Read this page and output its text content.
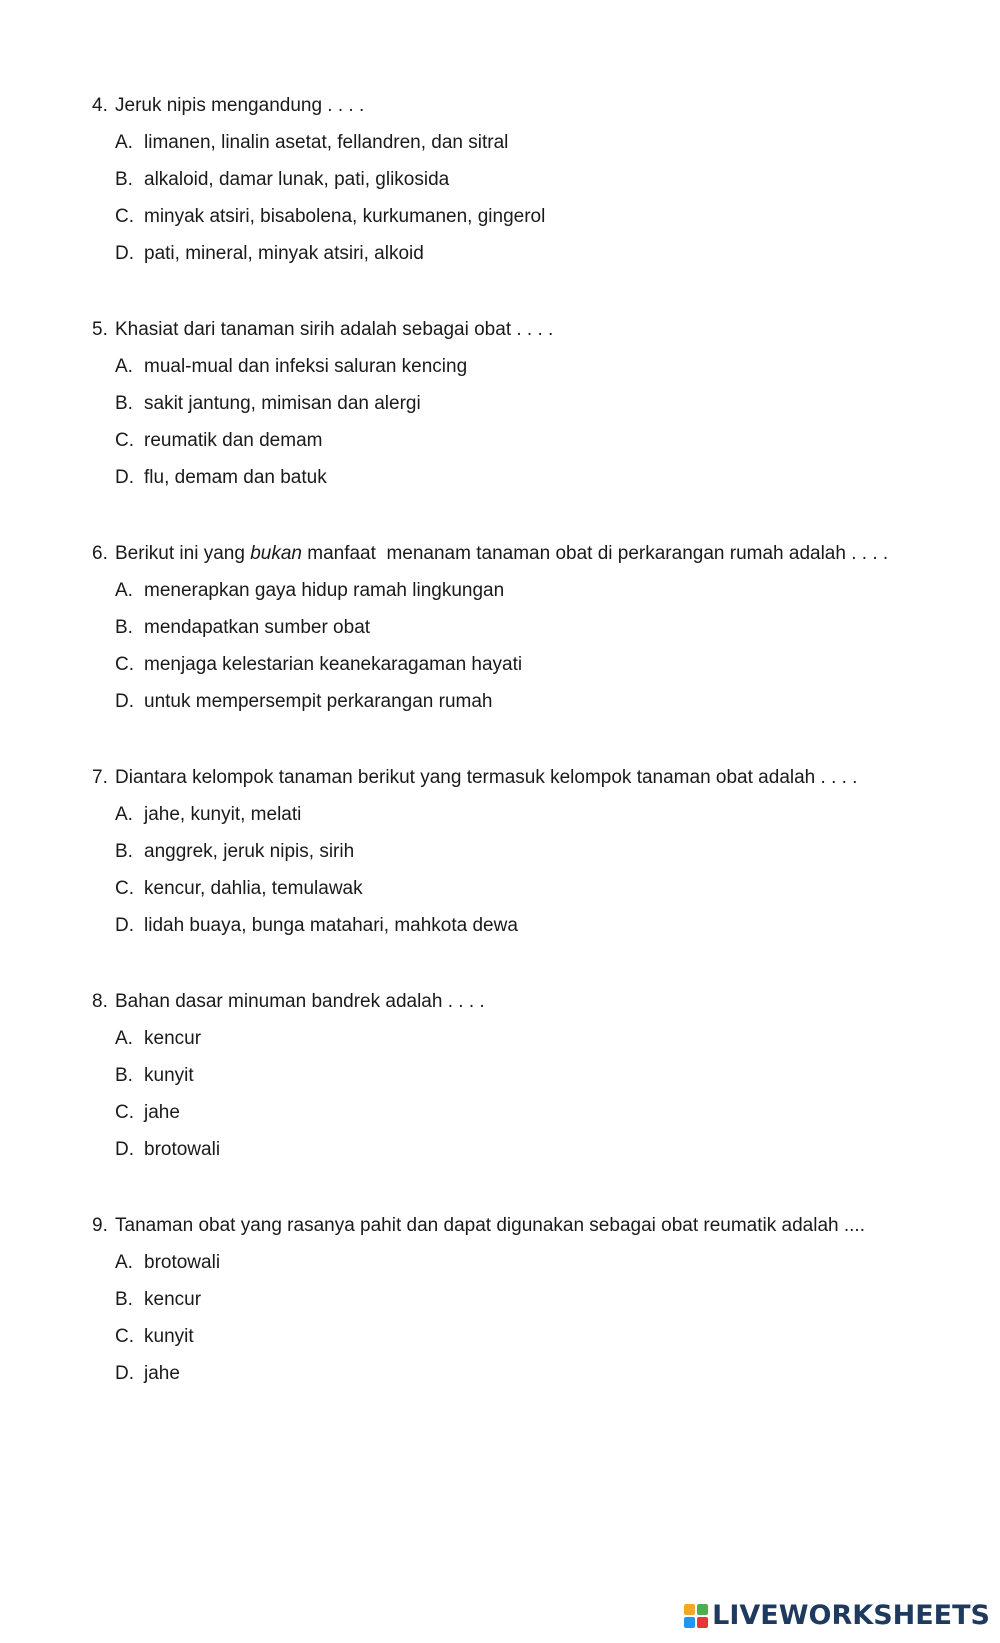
4. Jeruk nipis mengandung . . . .
A. limanen, linalin asetat, fellandren, dan sitral
B. alkaloid, damar lunak, pati, glikosida
C. minyak atsiri, bisabolena, kurkumanen, gingerol
D. pati, mineral, minyak atsiri, alkoid
5. Khasiat dari tanaman sirih adalah sebagai obat . . . .
A. mual-mual dan infeksi saluran kencing
B. sakit jantung, mimisan dan alergi
C. reumatik dan demam
D. flu, demam dan batuk
6. Berikut ini yang bukan manfaat  menanam tanaman obat di perkarangan rumah adalah . . . .
A. menerapkan gaya hidup ramah lingkungan
B. mendapatkan sumber obat
C. menjaga kelestarian keanekaragaman hayati
D. untuk mempersempit perkarangan rumah
7. Diantara kelompok tanaman berikut yang termasuk kelompok tanaman obat adalah . . . .
A. jahe, kunyit, melati
B. anggrek, jeruk nipis, sirih
C. kencur, dahlia, temulawak
D. lidah buaya, bunga matahari, mahkota dewa
8. Bahan dasar minuman bandrek adalah . . . .
A. kencur
B. kunyit
C. jahe
D. brotowali
9. Tanaman obat yang rasanya pahit dan dapat digunakan sebagai obat reumatik adalah ....
A. brotowali
B. kencur
C. kunyit
D. jahe
LIVEWORKSHEETS
